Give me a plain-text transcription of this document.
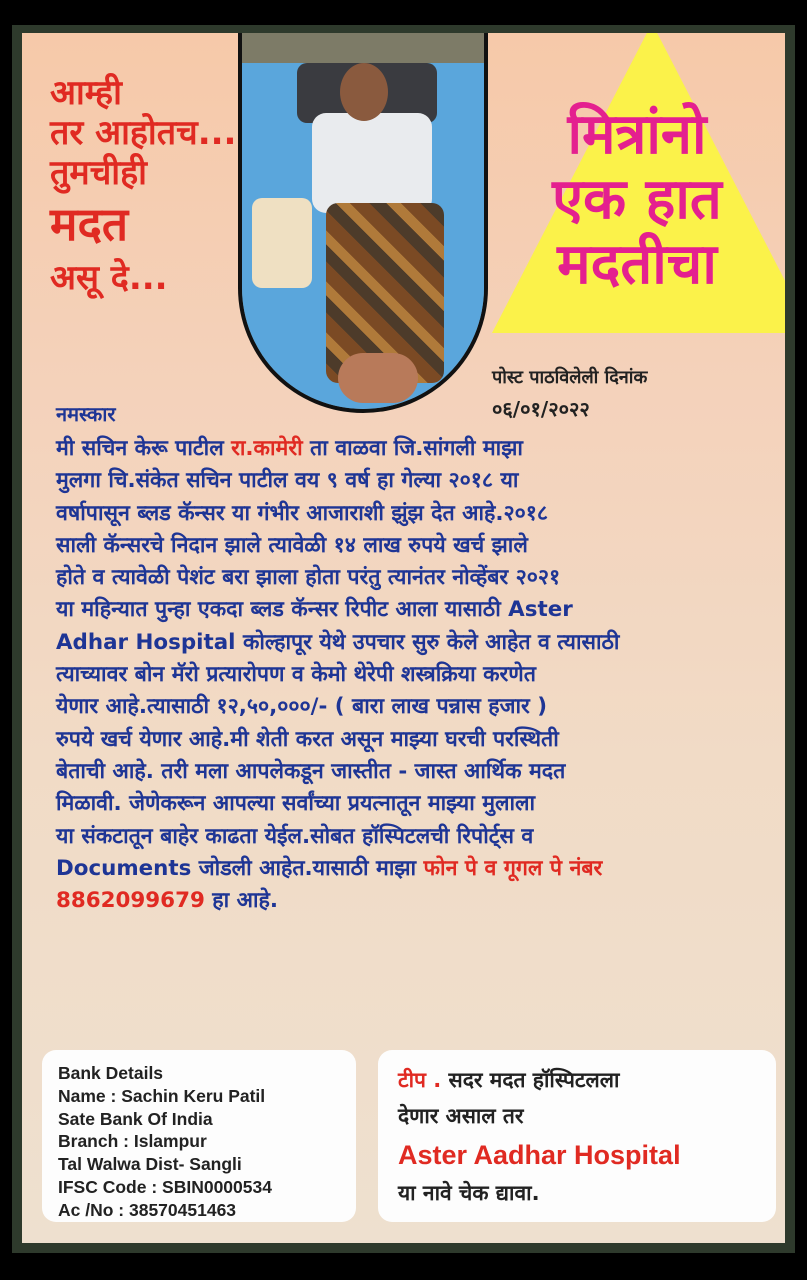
आम्ही
तर आहोतच...
तुमचीही
मदत
असू दे...
मित्रांनो
एक हात
मदतीचा
पोस्ट पाठविलेली दिनांक
०६/०१/२०२२
नमस्कार

मी सचिन केरू पाटील रा.कामेरी ता वाळवा जि.सांगली माझा

मुलगा चि.संकेत सचिन पाटील वय ९ वर्ष हा गेल्या २०१८ या

वर्षापासून ब्लड कॅन्सर या गंभीर आजाराशी झुंझ देत आहे.२०१८

साली कॅन्सरचे निदान झाले त्यावेळी १४ लाख रुपये खर्च झाले

होते व त्यावेळी पेशंट बरा झाला होता परंतु त्यानंतर नोव्हेंबर २०२१

या महिन्यात पुन्हा एकदा ब्लड कॅन्सर रिपीट आला यासाठी Aster

Adhar Hospital कोल्हापूर येथे उपचार सुरु केले आहेत व त्यासाठी

त्याच्यावर बोन मॅरो प्रत्यारोपण व केमो थेरेपी शस्त्रक्रिया करणेत

येणार आहे.त्यासाठी १२,५०,०००/- ( बारा लाख पन्नास हजार )

रुपये खर्च येणार आहे.मी शेती करत असून माझ्या घरची परस्थिती

बेताची आहे. तरी मला आपलेकडून जास्तीत - जास्त आर्थिक मदत

मिळावी. जेणेकरून आपल्या सर्वांच्या प्रयत्नातून माझ्या मुलाला

या संकटातून बाहेर काढता येईल.सोबत हॉस्पिटलची रिपोर्ट्स व

Documents जोडली आहेत.यासाठी माझा फोन पे व गूगल पे नंबर

8862099679 हा आहे.

Bank Details
Name : Sachin Keru Patil
Sate Bank Of India
Branch : Islampur
Tal Walwa Dist- Sangli
IFSC Code : SBIN0000534
Ac /No : 38570451463
टीप . सदर मदत हॉस्पिटलला
देणार असाल तर
Aster Aadhar Hospital
या नावे चेक द्यावा.
